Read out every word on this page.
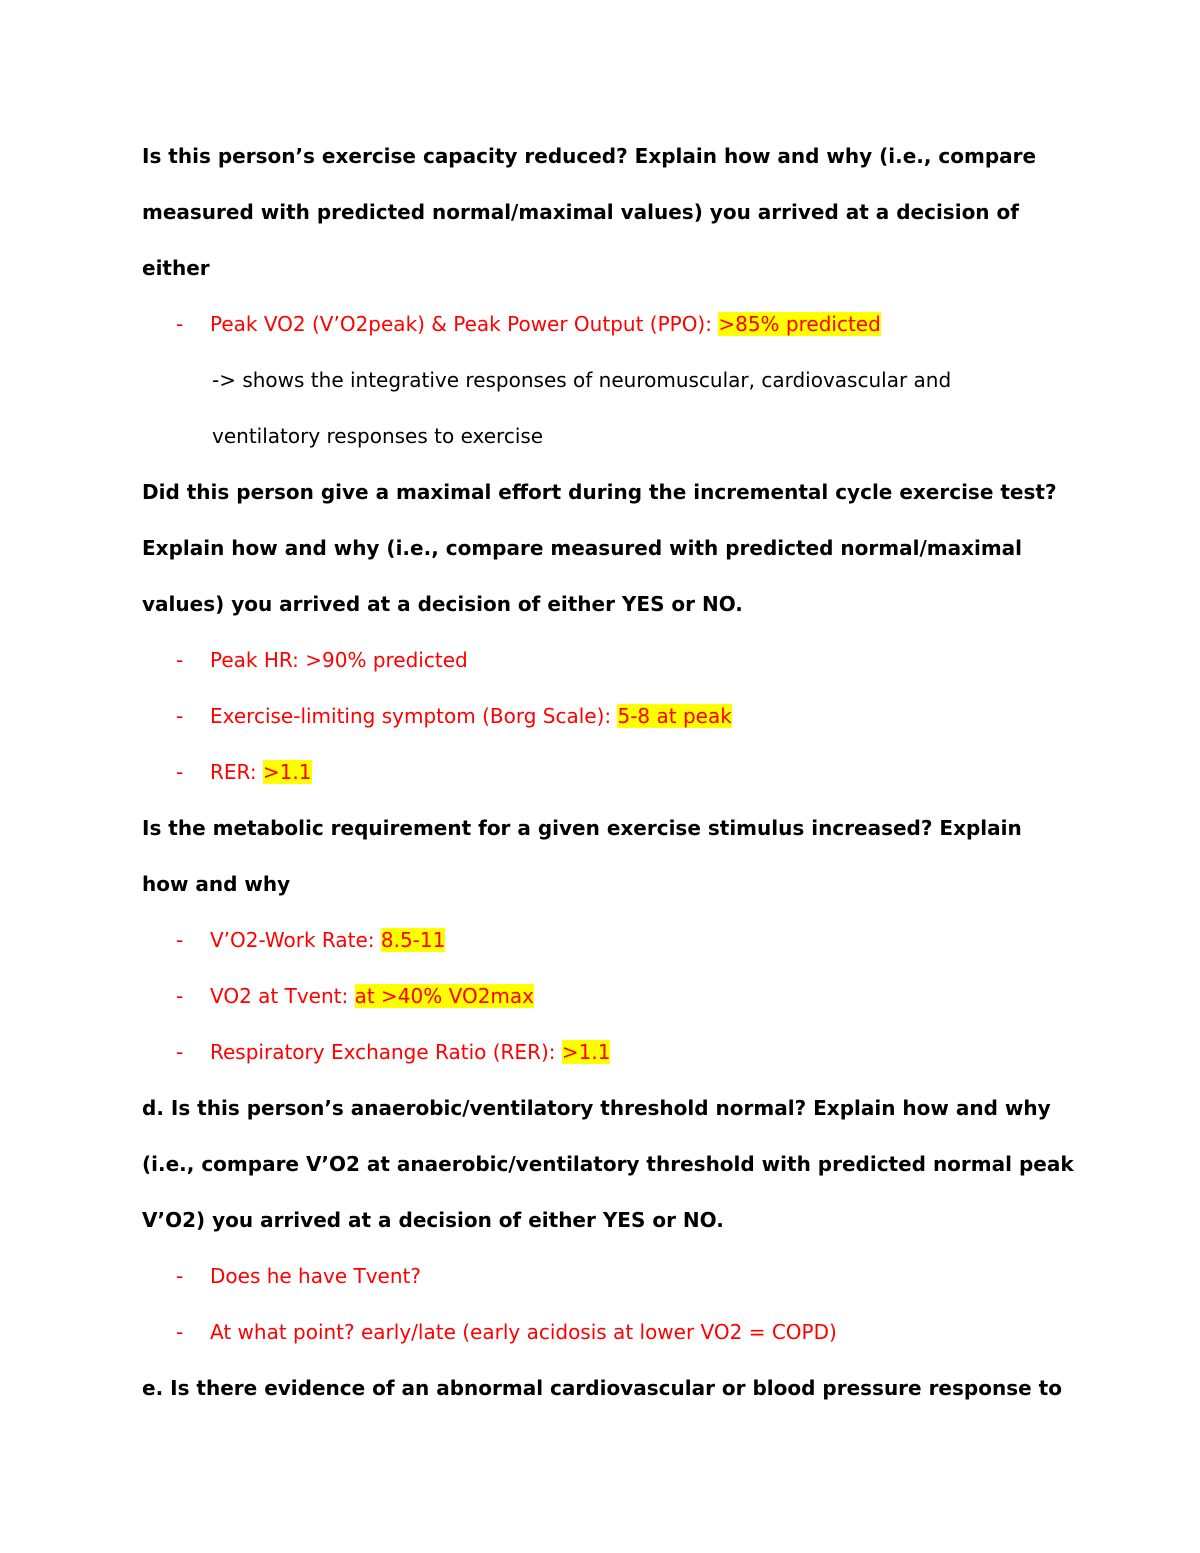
Is this person’s exercise capacity reduced? Explain how and why (i.e., compare
measured with predicted normal/maximal values) you arrived at a decision of
either
- Peak VO2 (V’O2peak) & Peak Power Output (PPO): >85% predicted
-> shows the integrative responses of neuromuscular, cardiovascular and
ventilatory responses to exercise
Did this person give a maximal effort during the incremental cycle exercise test?
Explain how and why (i.e., compare measured with predicted normal/maximal
values) you arrived at a decision of either YES or NO.
- Peak HR: >90% predicted
- Exercise-limiting symptom (Borg Scale): 5-8 at peak
- RER: >1.1
Is the metabolic requirement for a given exercise stimulus increased? Explain
how and why
- V’O2-Work Rate: 8.5-11
- VO2 at Tvent: at >40% VO2max
- Respiratory Exchange Ratio (RER): >1.1
d. Is this person’s anaerobic/ventilatory threshold normal? Explain how and why
(i.e., compare V’O2 at anaerobic/ventilatory threshold with predicted normal peak
V’O2) you arrived at a decision of either YES or NO.
- Does he have Tvent?
- At what point? early/late (early acidosis at lower VO2 = COPD)
e. Is there evidence of an abnormal cardiovascular or blood pressure response to
